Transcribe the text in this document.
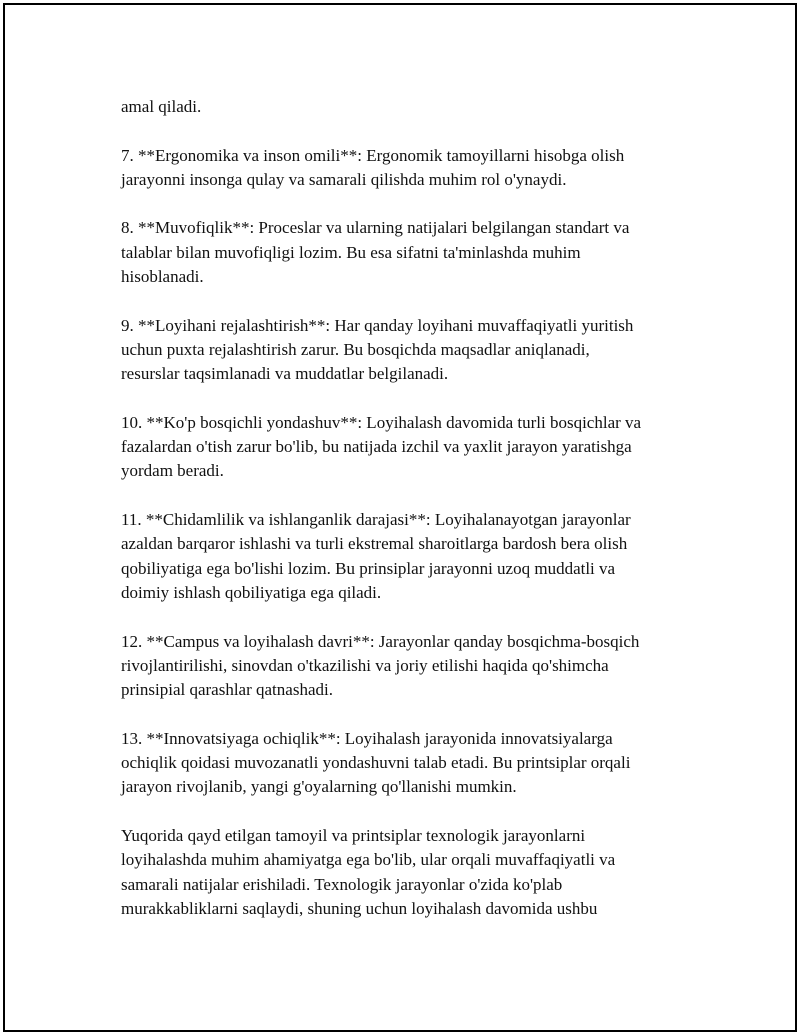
amal qiladi.

7. **Ergonomika va inson omili**: Ergonomik tamoyillarni hisobga olish
jarayonni insonga qulay va samarali qilishda muhim rol o'ynaydi.

8. **Muvofiqlik**: Proceslar va ularning natijalari belgilangan standart va
talablar bilan muvofiqligi lozim. Bu esa sifatni ta'minlashda muhim
hisoblanadi.

9. **Loyihani rejalashtirish**: Har qanday loyihani muvaffaqiyatli yuritish
uchun puxta rejalashtirish zarur. Bu bosqichda maqsadlar aniqlanadi,
resurslar taqsimlanadi va muddatlar belgilanadi.

10. **Ko'p bosqichli yondashuv**: Loyihalash davomida turli bosqichlar va
fazalardan o'tish zarur bo'lib, bu natijada izchil va yaxlit jarayon yaratishga
yordam beradi.

11. **Chidamlilik va ishlanganlik darajasi**: Loyihalanayotgan jarayonlar
azaldan barqaror ishlashi va turli ekstremal sharoitlarga bardosh bera olish
qobiliyatiga ega bo'lishi lozim. Bu prinsiplar jarayonni uzoq muddatli va
doimiy ishlash qobiliyatiga ega qiladi.

12. **Campus va loyihalash davri**: Jarayonlar qanday bosqichma-bosqich
rivojlantirilishi, sinovdan o'tkazilishi va joriy etilishi haqida qo'shimcha
prinsipial qarashlar qatnashadi.

13. **Innovatsiyaga ochiqlik**: Loyihalash jarayonida innovatsiyalarga
ochiqlik qoidasi muvozanatli yondashuvni talab etadi. Bu printsiplar orqali
jarayon rivojlanib, yangi g'oyalarning qo'llanishi mumkin.

Yuqorida qayd etilgan tamoyil va printsiplar texnologik jarayonlarni
loyihalashda muhim ahamiyatga ega bo'lib, ular orqali muvaffaqiyatli va
samarali natijalar erishiladi. Texnologik jarayonlar o'zida ko'plab
murakkabliklarni saqlaydi, shuning uchun loyihalash davomida ushbu
